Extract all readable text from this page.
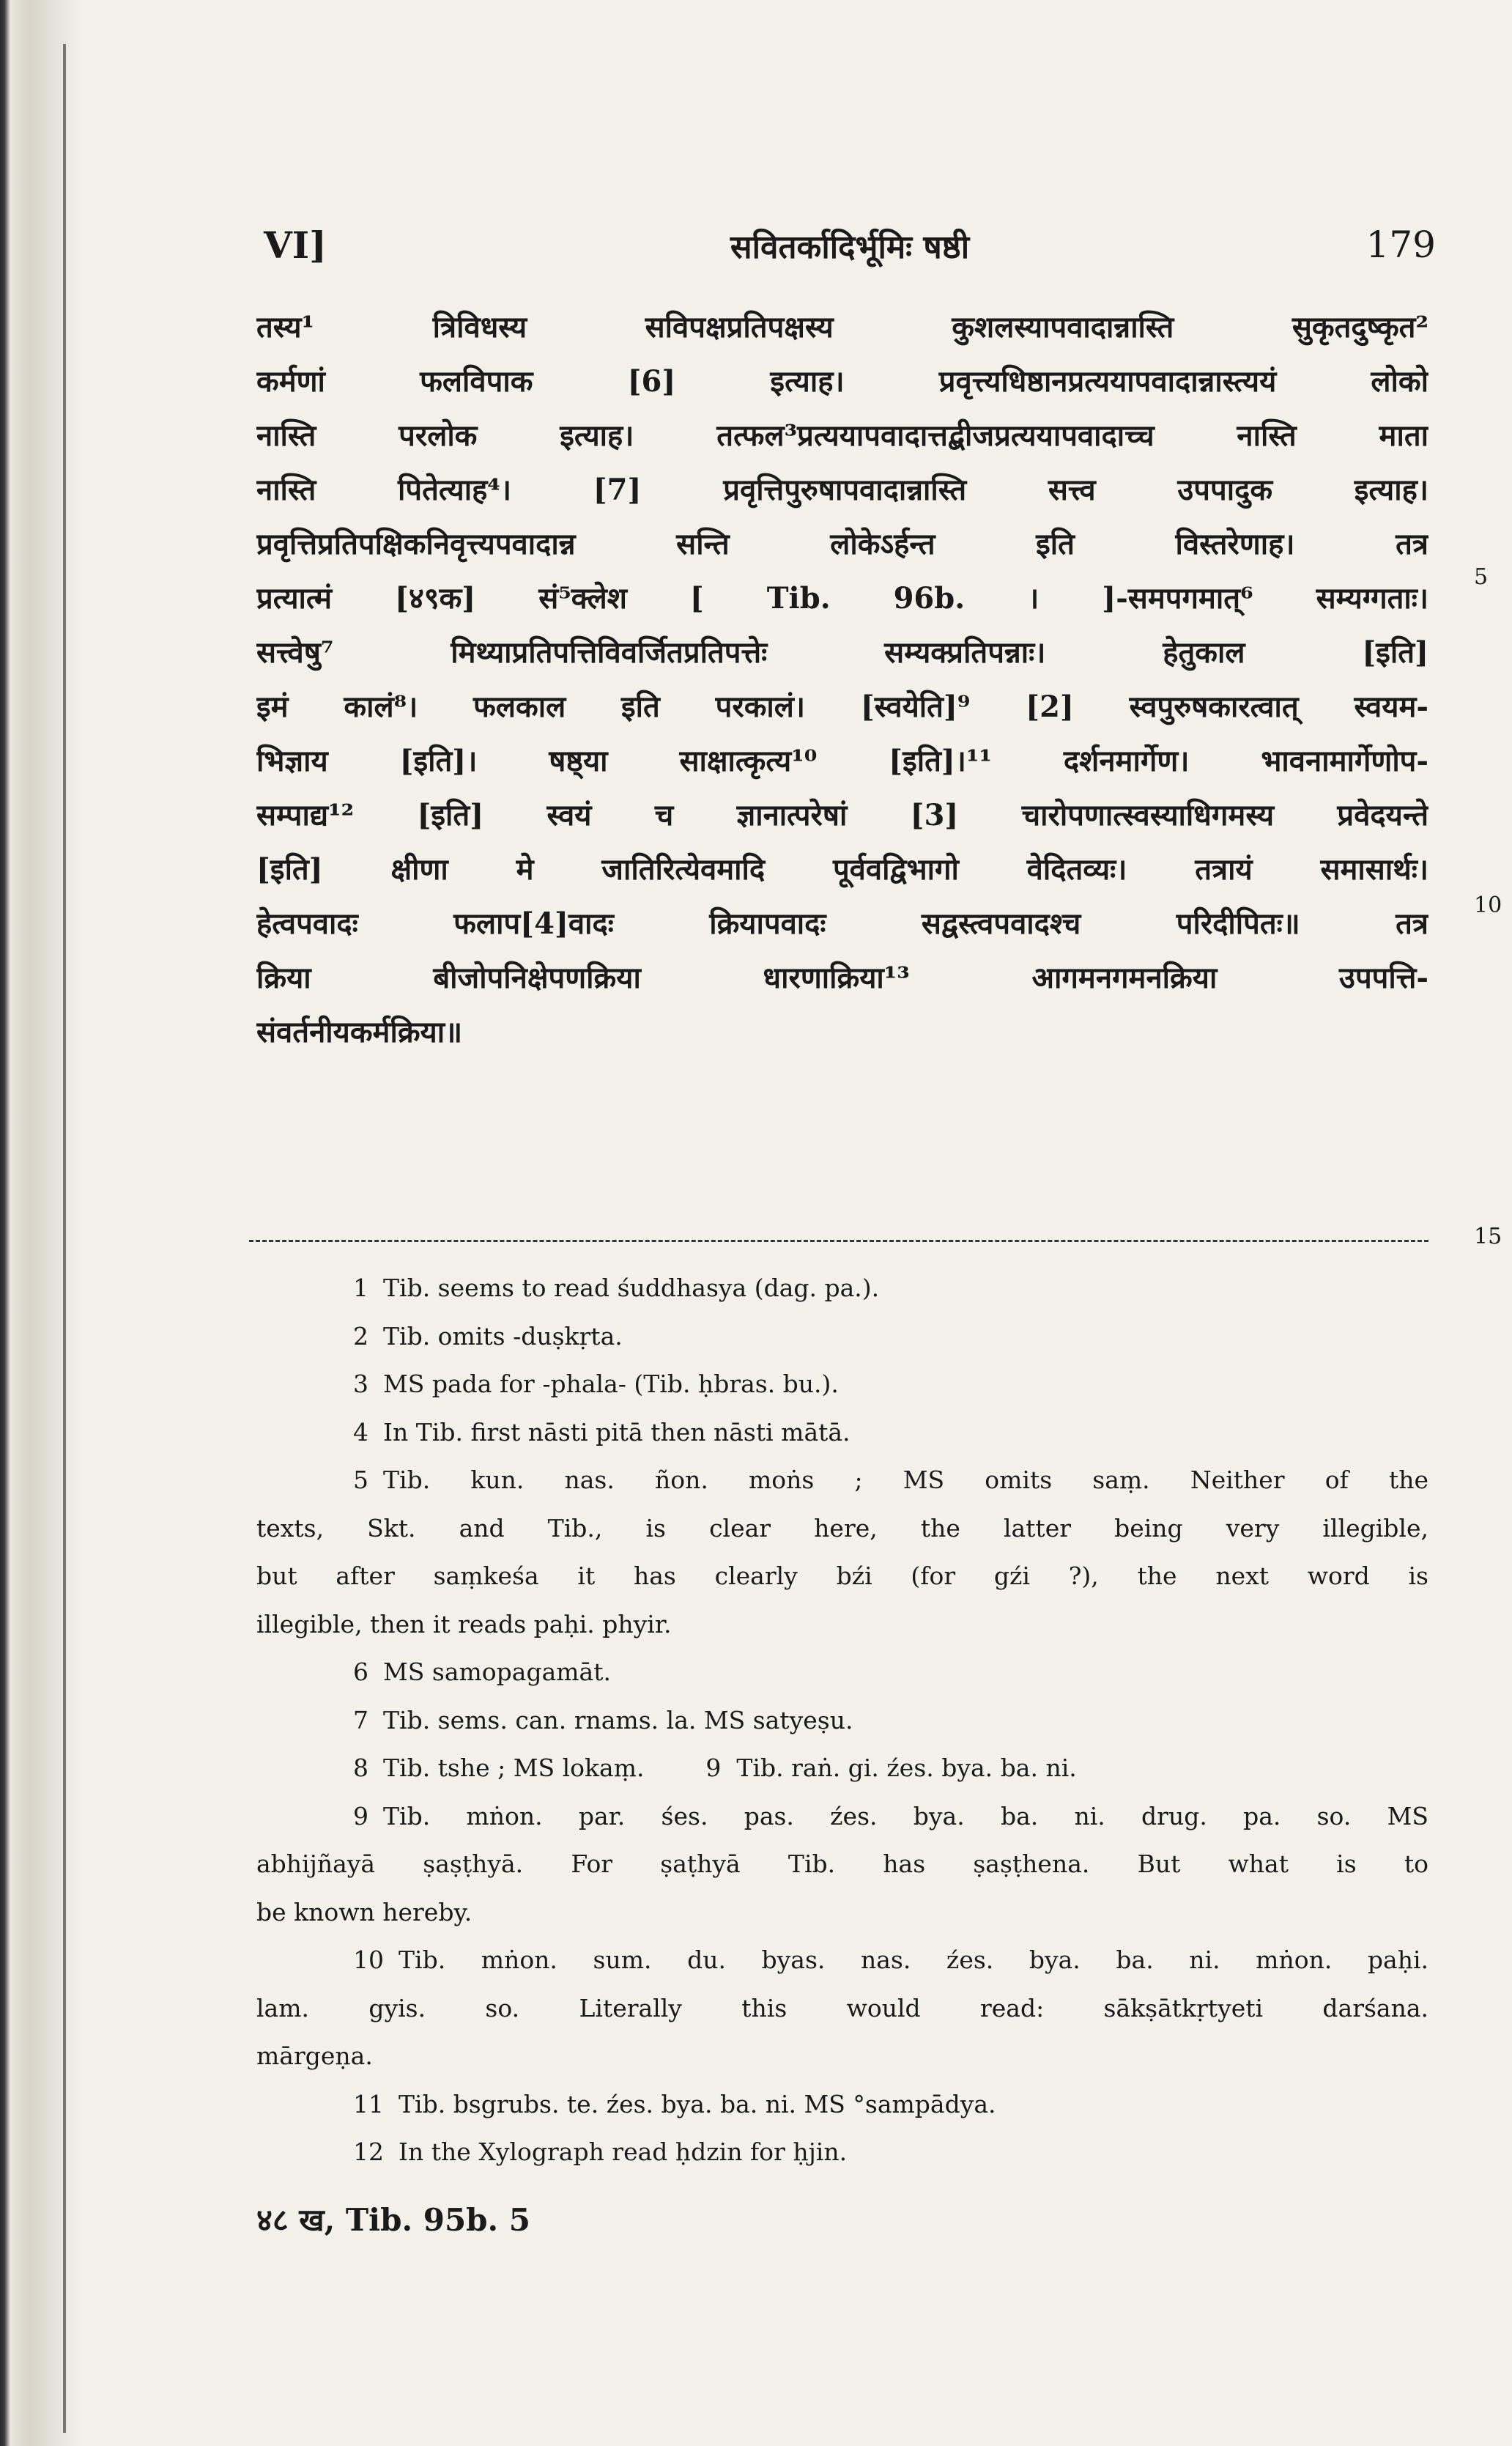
VI]	सवितर्कादिर्भूमिः षष्ठी	179
तस्य¹ त्रिविधस्य सविपक्षप्रतिपक्षस्य कुशलस्यापवादान्नास्ति सुकृतदुष्कृत²
कर्मणां फलविपाक [6] इत्याह। प्रवृत्त्यधिष्ठानप्रत्ययापवादान्नास्त्ययं लोको
नास्ति परलोक इत्याह। तत्फल³प्रत्ययापवादात्तद्बीजप्रत्ययापवादाच्च नास्ति माता
नास्ति पितेत्याह⁴। [7] प्रवृत्तिपुरुषापवादान्नास्ति सत्त्व उपपादुक इत्याह।
प्रवृत्तिप्रतिपक्षिकनिवृत्त्यपवादान्न सन्ति लोकेऽर्हन्त इति विस्तरेणाह। तत्र
प्रत्यात्मं [४९क] सं⁵क्लेश [ Tib. 96b. । ]-समपगमात्⁶ सम्यग्गताः।
सत्त्वेषु⁷ मिथ्याप्रतिपत्तिविवर्जितप्रतिपत्तेः सम्यक्प्रतिपन्नाः। हेतुकाल [इति]
इमं कालं⁸। फलकाल इति परकालं। [स्वयेति]⁹ [2] स्वपुरुषकारत्वात् स्वयम-
भिज्ञाय [इति]। षष्ठ्या साक्षात्कृत्य¹⁰ [इति]।¹¹ दर्शनमार्गेण। भावनामार्गेणोप-
सम्पाद्य¹² [इति] स्वयं च ज्ञानात्परेषां [3] चारोपणात्स्वस्याधिगमस्य प्रवेदयन्ते
[इति] क्षीणा मे जातिरित्येवमादि पूर्ववद्विभागो वेदितव्यः। तत्रायं समासार्थः।
हेत्वपवादः फलाप[4]वादः क्रियापवादः सद्वस्त्वपवादश्च परिदीपितः॥ तत्र
क्रिया बीजोपनिक्षेपणक्रिया धारणाक्रिया¹³ आगमनगमनक्रिया उपपत्ति-
संवर्तनीयकर्मक्रिया॥
5
10
15
1 Tib. seems to read śuddhasya (dag. pa.).
2 Tib. omits -duṣkṛta.
3 MS pada for -phala- (Tib. ḥbras. bu.).
4 In Tib. first nāsti pitā then nāsti mātā.
5 Tib. kun. nas. ñon. moṅs ; MS omits saṃ. Neither of the
texts, Skt. and Tib., is clear here, the latter being very illegible,
but after saṃkeśa it has clearly bźi (for gźi ?), the next word is
illegible, then it reads paḥi. phyir.
6 MS samopagamāt.
7 Tib. sems. can. rnams. la. MS satyeṣu.
8 Tib. tshe ; MS lokaṃ.        9  Tib. raṅ. gi. źes. bya. ba. ni.
9 Tib. mṅon. par. śes. pas. źes. bya. ba. ni. drug. pa. so. MS
abhijñayā ṣaṣṭhyā. For ṣaṭhyā Tib. has ṣaṣṭhena. But what is to
be known hereby.
10 Tib. mṅon. sum. du. byas. nas. źes. bya. ba. ni. mṅon. paḥi.
lam. gyis. so. Literally this would read: sākṣātkṛtyeti darśana.
mārgeṇa.
11 Tib. bsgrubs. te. źes. bya. ba. ni. MS °sampādya.
12 In the Xylograph read ḥdzin for ḥjin.
४८ ख, Tib. 95b. 5
